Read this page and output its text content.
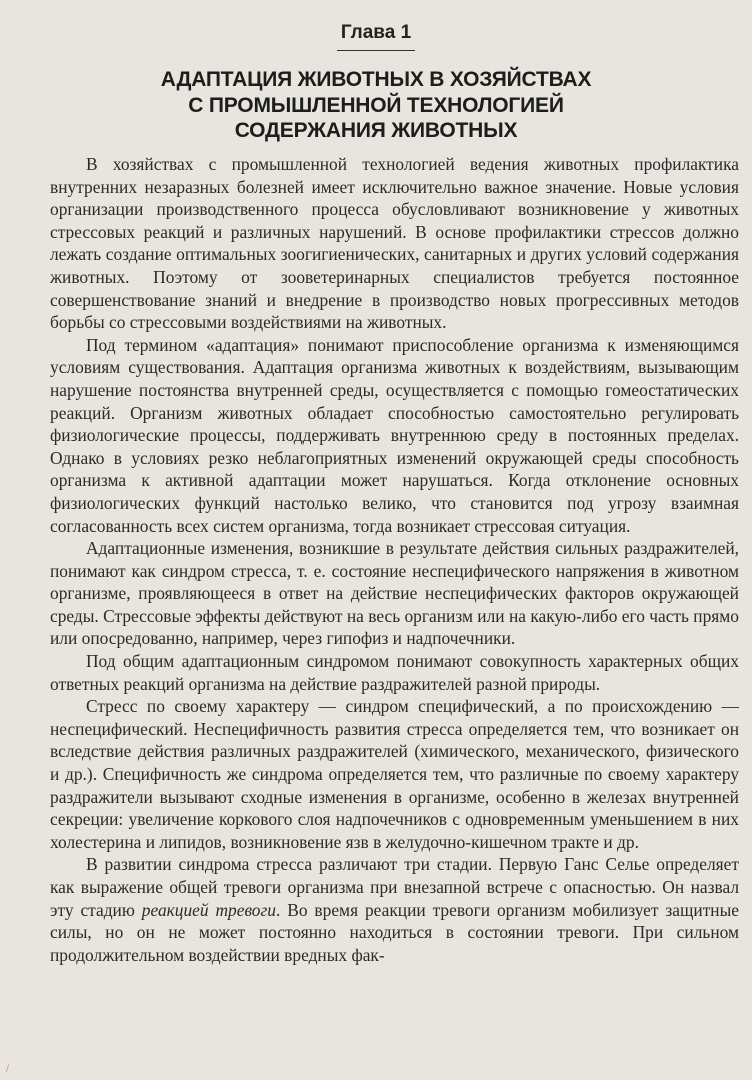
Глава 1
АДАПТАЦИЯ ЖИВОТНЫХ В ХОЗЯЙСТВАХ
С ПРОМЫШЛЕННОЙ ТЕХНОЛОГИЕЙ
СОДЕРЖАНИЯ ЖИВОТНЫХ

В хозяйствах с промышленной технологией ведения животных профилактика внутренних незаразных болезней имеет исключительно важное значение. Новые условия организации производственного процесса обусловливают возникновение у животных стрессовых реакций и различных нарушений. В основе профилактики стрессов должно лежать создание оптимальных зоогигиенических, санитарных и других условий содержания животных. Поэтому от зооветеринарных специалистов требуется постоянное совершенствование знаний и внедрение в производство новых прогрессивных методов борьбы со стрессовыми воздействиями на животных.

Под термином «адаптация» понимают приспособление организма к изменяющимся условиям существования. Адаптация организма животных к воздействиям, вызывающим нарушение постоянства внутренней среды, осуществляется с помощью гомеостатических реакций. Организм животных обладает способностью самостоятельно регулировать физиологические процессы, поддерживать внутреннюю среду в постоянных пределах. Однако в условиях резко неблагоприятных изменений окружающей среды способность организма к активной адаптации может нарушаться. Когда отклонение основных физиологических функций настолько велико, что становится под угрозу взаимная согласованность всех систем организма, тогда возникает стрессовая ситуация.

Адаптационные изменения, возникшие в результате действия сильных раздражителей, понимают как синдром стресса, т. е. состояние неспецифического напряжения в животном организме, проявляющееся в ответ на действие неспецифических факторов окружающей среды. Стрессовые эффекты действуют на весь организм или на какую-либо его часть прямо или опосредованно, например, через гипофиз и надпочечники.

Под общим адаптационным синдромом понимают совокупность характерных общих ответных реакций организма на действие раздражителей разной природы.

Стресс по своему характеру — синдром специфический, а по происхождению — неспецифический. Неспецифичность развития стресса определяется тем, что возникает он вследствие действия различных раздражителей (химического, механического, физического и др.). Специфичность же синдрома определяется тем, что различные по своему характеру раздражители вызывают сходные изменения в организме, особенно в железах внутренней секреции: увеличение коркового слоя надпочечников с одновременным уменьшением в них холестерина и липидов, возникновение язв в желудочно-кишечном тракте и др.

В развитии синдрома стресса различают три стадии. Первую Ганс Селье определяет как выражение общей тревоги организма при внезапной встрече с опасностью. Он назвал эту стадию реакцией тревоги. Во время реакции тревоги организм мобилизует защитные силы, но он не может постоянно находиться в состоянии тревоги. При сильном продолжительном воздействии вредных фак-

/
